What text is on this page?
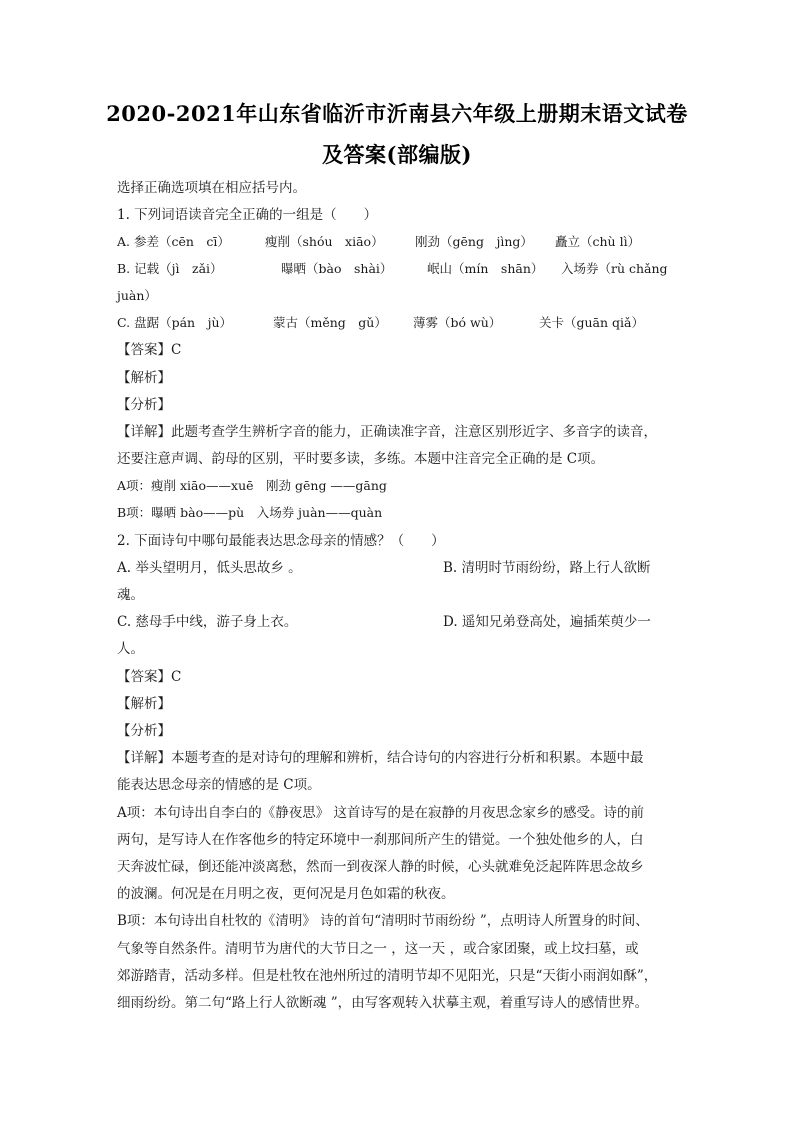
2020-2021年山东省临沂市沂南县六年级上册期末语文试卷
及答案(部编版)
选择正确选项填在相应括号内。
1. 下列词语读音完全正确的一组是（　　）
A. 参差（cēn　cī）	瘦削（shóu　xiāo）	刚劲（gēng　jìng） 矗立（chù lì）
B. 记载（jì　zǎi）	曝晒（bào　shài）	岷山（mín　shān） 入场券（rù chǎng
juàn）
C. 盘踞（pán　jù）	蒙古（měng　gǔ） 薄雾（bó wù）	关卡（guān qiǎ）
【答案】C
【解析】
【分析】
【详解】此题考查学生辨析字音的能力，正确读准字音，注意区别形近字、多音字的读音，
还要注意声调、韵母的区别，平时要多读，多练。本题中注音完全正确的是 C项。
A项：瘦削 xiāo——xuē　刚劲 gēng ——gāng
B项：曝晒 bào——pù　入场券 juàn——quàn
2. 下面诗句中哪句最能表达思念母亲的情感？（　　）
A. 举头望明月，低头思故乡 。	B. 清明时节雨纷纷，路上行人欲断
魂。
C. 慈母手中线，游子身上衣。	D. 遥知兄弟登高处，遍插茱萸少一
人。
【答案】C
【解析】
【分析】
【详解】本题考查的是对诗句的理解和辨析，结合诗句的内容进行分析和积累。本题中最
能表达思念母亲的情感的是 C项。
A项：本句诗出自李白的《静夜思》 这首诗写的是在寂静的月夜思念家乡的感受。诗的前
两句，是写诗人在作客他乡的特定环境中一刹那间所产生的错觉。一个独处他乡的人，白
天奔波忙碌，倒还能冲淡离愁，然而一到夜深人静的时候，心头就难免泛起阵阵思念故乡
的波澜。何况是在月明之夜，更何况是月色如霜的秋夜。
B项：本句诗出自杜牧的《清明》 诗的首句“清明时节雨纷纷 ”，点明诗人所置身的时间、
气象等自然条件。清明节为唐代的大节日之一 ，这一天 ，或合家团聚，或上坟扫墓，或
郊游踏青，活动多样。但是杜牧在池州所过的清明节却不见阳光，只是“天街小雨润如酥”，
细雨纷纷。第二句“路上行人欲断魂 ”，由写客观转入状摹主观，着重写诗人的感情世界。
